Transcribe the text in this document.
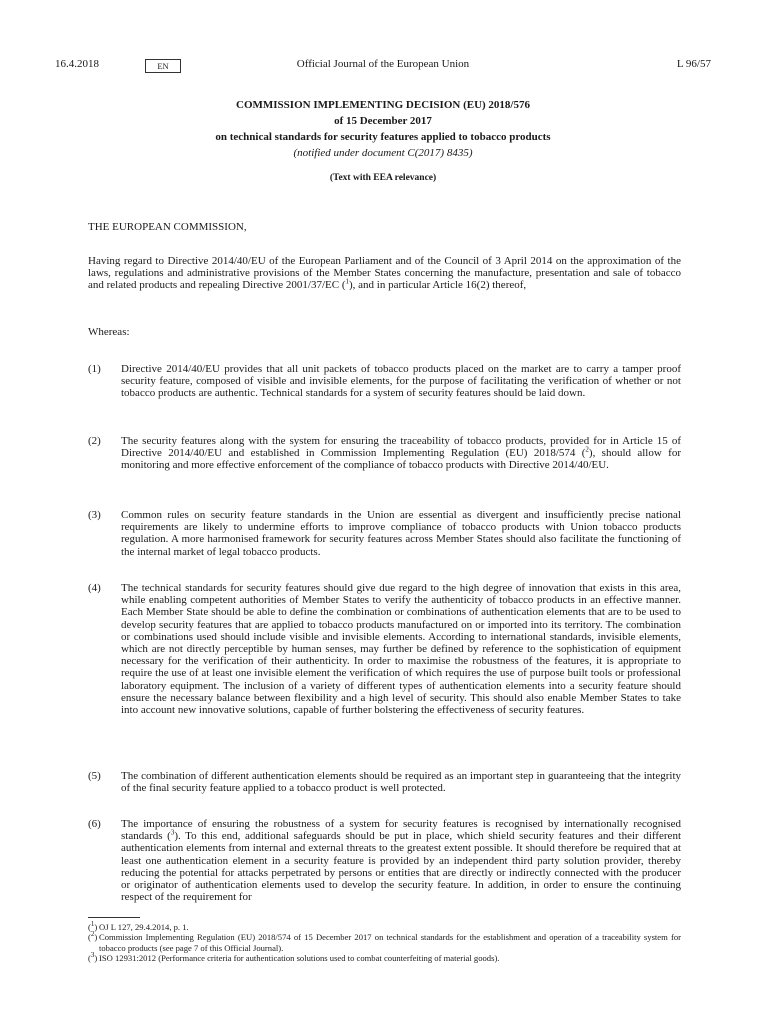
16.4.2018	EN	Official Journal of the European Union	L 96/57
COMMISSION IMPLEMENTING DECISION (EU) 2018/576
of 15 December 2017
on technical standards for security features applied to tobacco products
(notified under document C(2017) 8435)
(Text with EEA relevance)
THE EUROPEAN COMMISSION,
Having regard to Directive 2014/40/EU of the European Parliament and of the Council of 3 April 2014 on the approximation of the laws, regulations and administrative provisions of the Member States concerning the manufacture, presentation and sale of tobacco and related products and repealing Directive 2001/37/EC ($^1$), and in particular Article 16(2) thereof,
Whereas:
(1) Directive 2014/40/EU provides that all unit packets of tobacco products placed on the market are to carry a tamper proof security feature, composed of visible and invisible elements, for the purpose of facilitating the verification of whether or not tobacco products are authentic. Technical standards for a system of security features should be laid down.
(2) The security features along with the system for ensuring the traceability of tobacco products, provided for in Article 15 of Directive 2014/40/EU and established in Commission Implementing Regulation (EU) 2018/574 ($^2$), should allow for monitoring and more effective enforcement of the compliance of tobacco products with Directive 2014/40/EU.
(3) Common rules on security feature standards in the Union are essential as divergent and insufficiently precise national requirements are likely to undermine efforts to improve compliance of tobacco products with Union tobacco products regulation. A more harmonised framework for security features across Member States should also facilitate the functioning of the internal market of legal tobacco products.
(4) The technical standards for security features should give due regard to the high degree of innovation that exists in this area, while enabling competent authorities of Member States to verify the authenticity of tobacco products in an effective manner. Each Member State should be able to define the combination or combinations of authentication elements that are to be used to develop security features that are applied to tobacco products manufactured on or imported into its territory. The combination or combinations used should include visible and invisible elements. According to international standards, invisible elements, which are not directly perceptible by human senses, may further be defined by reference to the sophistication of equipment necessary for the verification of their authenticity. In order to maximise the robustness of the features, it is appropriate to require the use of at least one invisible element the verification of which requires the use of purpose built tools or professional laboratory equipment. The inclusion of a variety of different types of authentication elements into a security feature should ensure the necessary balance between flexibility and a high level of security. This should also enable Member States to take into account new innovative solutions, capable of further bolstering the effectiveness of security features.
(5) The combination of different authentication elements should be required as an important step in guaranteeing that the integrity of the final security feature applied to a tobacco product is well protected.
(6) The importance of ensuring the robustness of a system for security features is recognised by internationally recognised standards ($^3$). To this end, additional safeguards should be put in place, which shield security features and their different authentication elements from internal and external threats to the greatest extent possible. It should therefore be required that at least one authentication element in a security feature is provided by an independent third party solution provider, thereby reducing the potential for attacks perpetrated by persons or entities that are directly or indirectly connected with the producer or originator of authentication elements used to develop the security feature. In addition, in order to ensure the continuing respect of the requirement for
($^1$) OJ L 127, 29.4.2014, p. 1.
($^2$) Commission Implementing Regulation (EU) 2018/574 of 15 December 2017 on technical standards for the establishment and operation of a traceability system for tobacco products (see page 7 of this Official Journal).
($^3$) ISO 12931:2012 (Performance criteria for authentication solutions used to combat counterfeiting of material goods).
